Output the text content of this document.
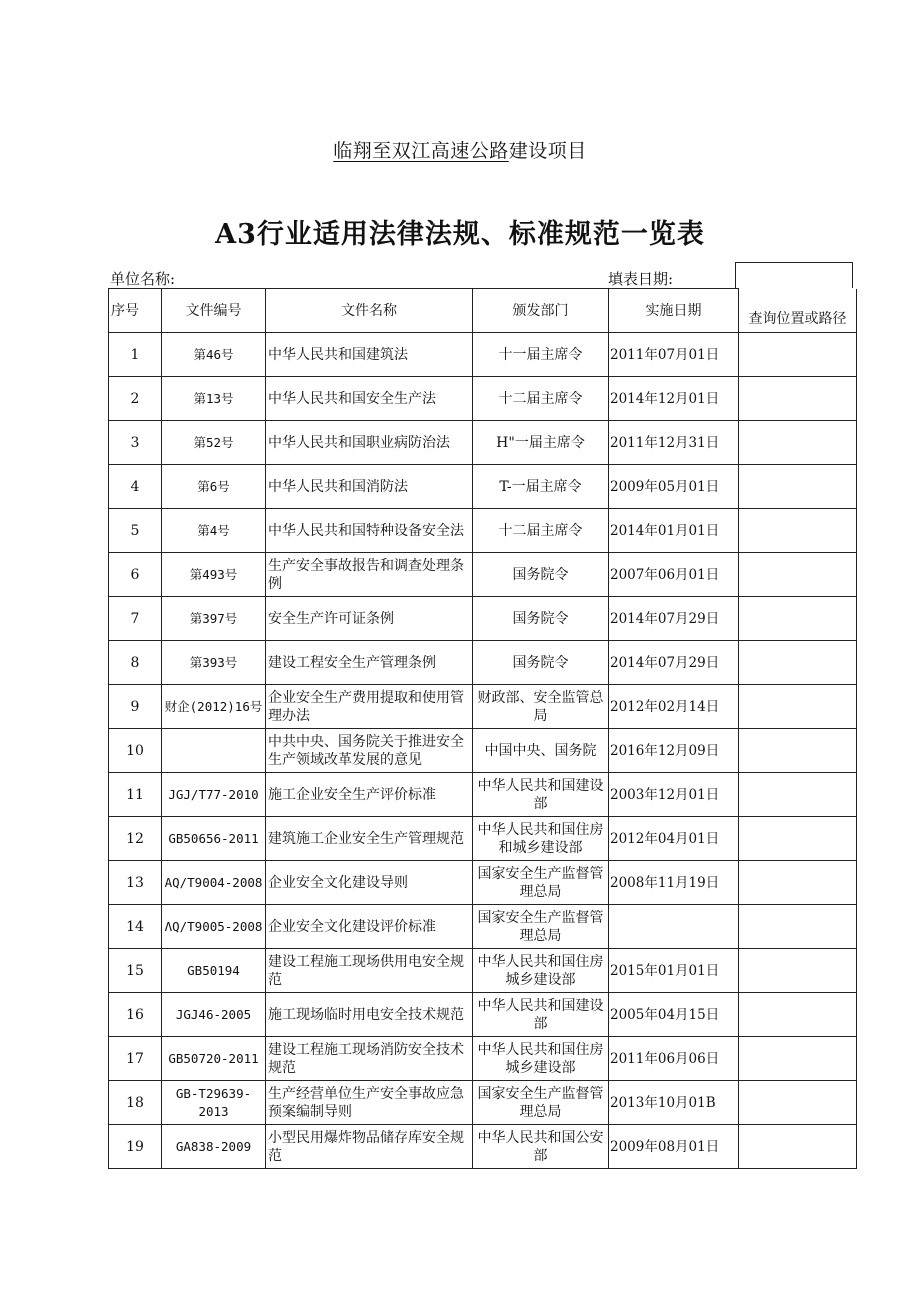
临翔至双江高速公路建设项目
A3行业适用法律法规、标准规范一览表
单位名称:	填表日期:
序号	文件编号	文件名称	颁发部门	实施日期	查询位置或路径
1	第46号	中华人民共和国建筑法	十一届主席令	2011年07月01日	
2	第13号	中华人民共和国安全生产法	十二届主席令	2014年12月01日	
3	第52号	中华人民共和国职业病防治法	H"一届主席令	2011年12月31日	
4	第6号	中华人民共和国消防法	T-一届主席令	2009年05月01日	
5	第4号	中华人民共和国特种设备安全法	十二届主席令	2014年01月01日	
6	第493号	生产安全事故报告和调查处理条例	国务院令	2007年06月01日	
7	第397号	安全生产许可证条例	国务院令	2014年07月29日	
8	第393号	建设工程安全生产管理条例	国务院令	2014年07月29日	
9	财企(2012)16号	企业安全生产费用提取和使用管理办法	财政部、安全监管总局	2012年02月14日	
10		中共中央、国务院关于推进安全生产领域改革发展的意见	中国中央、国务院	2016年12月09日	
11	JGJ/T77-2010	施工企业安全生产评价标准	中华人民共和国建设部	2003年12月01日	
12	GB50656-2011	建筑施工企业安全生产管理规范	中华人民共和国住房和城乡建设部	2012年04月01日	
13	AQ/T9004-2008	企业安全文化建设导则	国家安全生产监督管理总局	2008年11月19日	
14	ΛQ/T9005-2008	企业安全文化建设评价标准	国家安全生产监督管理总局		
15	GB50194	建设工程施工现场供用电安全规范	中华人民共和国住房城乡建设部	2015年01月01日	
16	JGJ46-2005	施工现场临时用电安全技术规范	中华人民共和国建设部	2005年04月15日	
17	GB50720-2011	建设工程施工现场消防安全技术规范	中华人民共和国住房城乡建设部	2011年06月06日	
18	GB-T29639-2013	生产经营单位生产安全事故应急预案编制导则	国家安全生产监督管理总局	2013年10月01B	
19	GA838-2009	小型民用爆炸物品储存库安全规范	中华人民共和国公安部	2009年08月01日	
